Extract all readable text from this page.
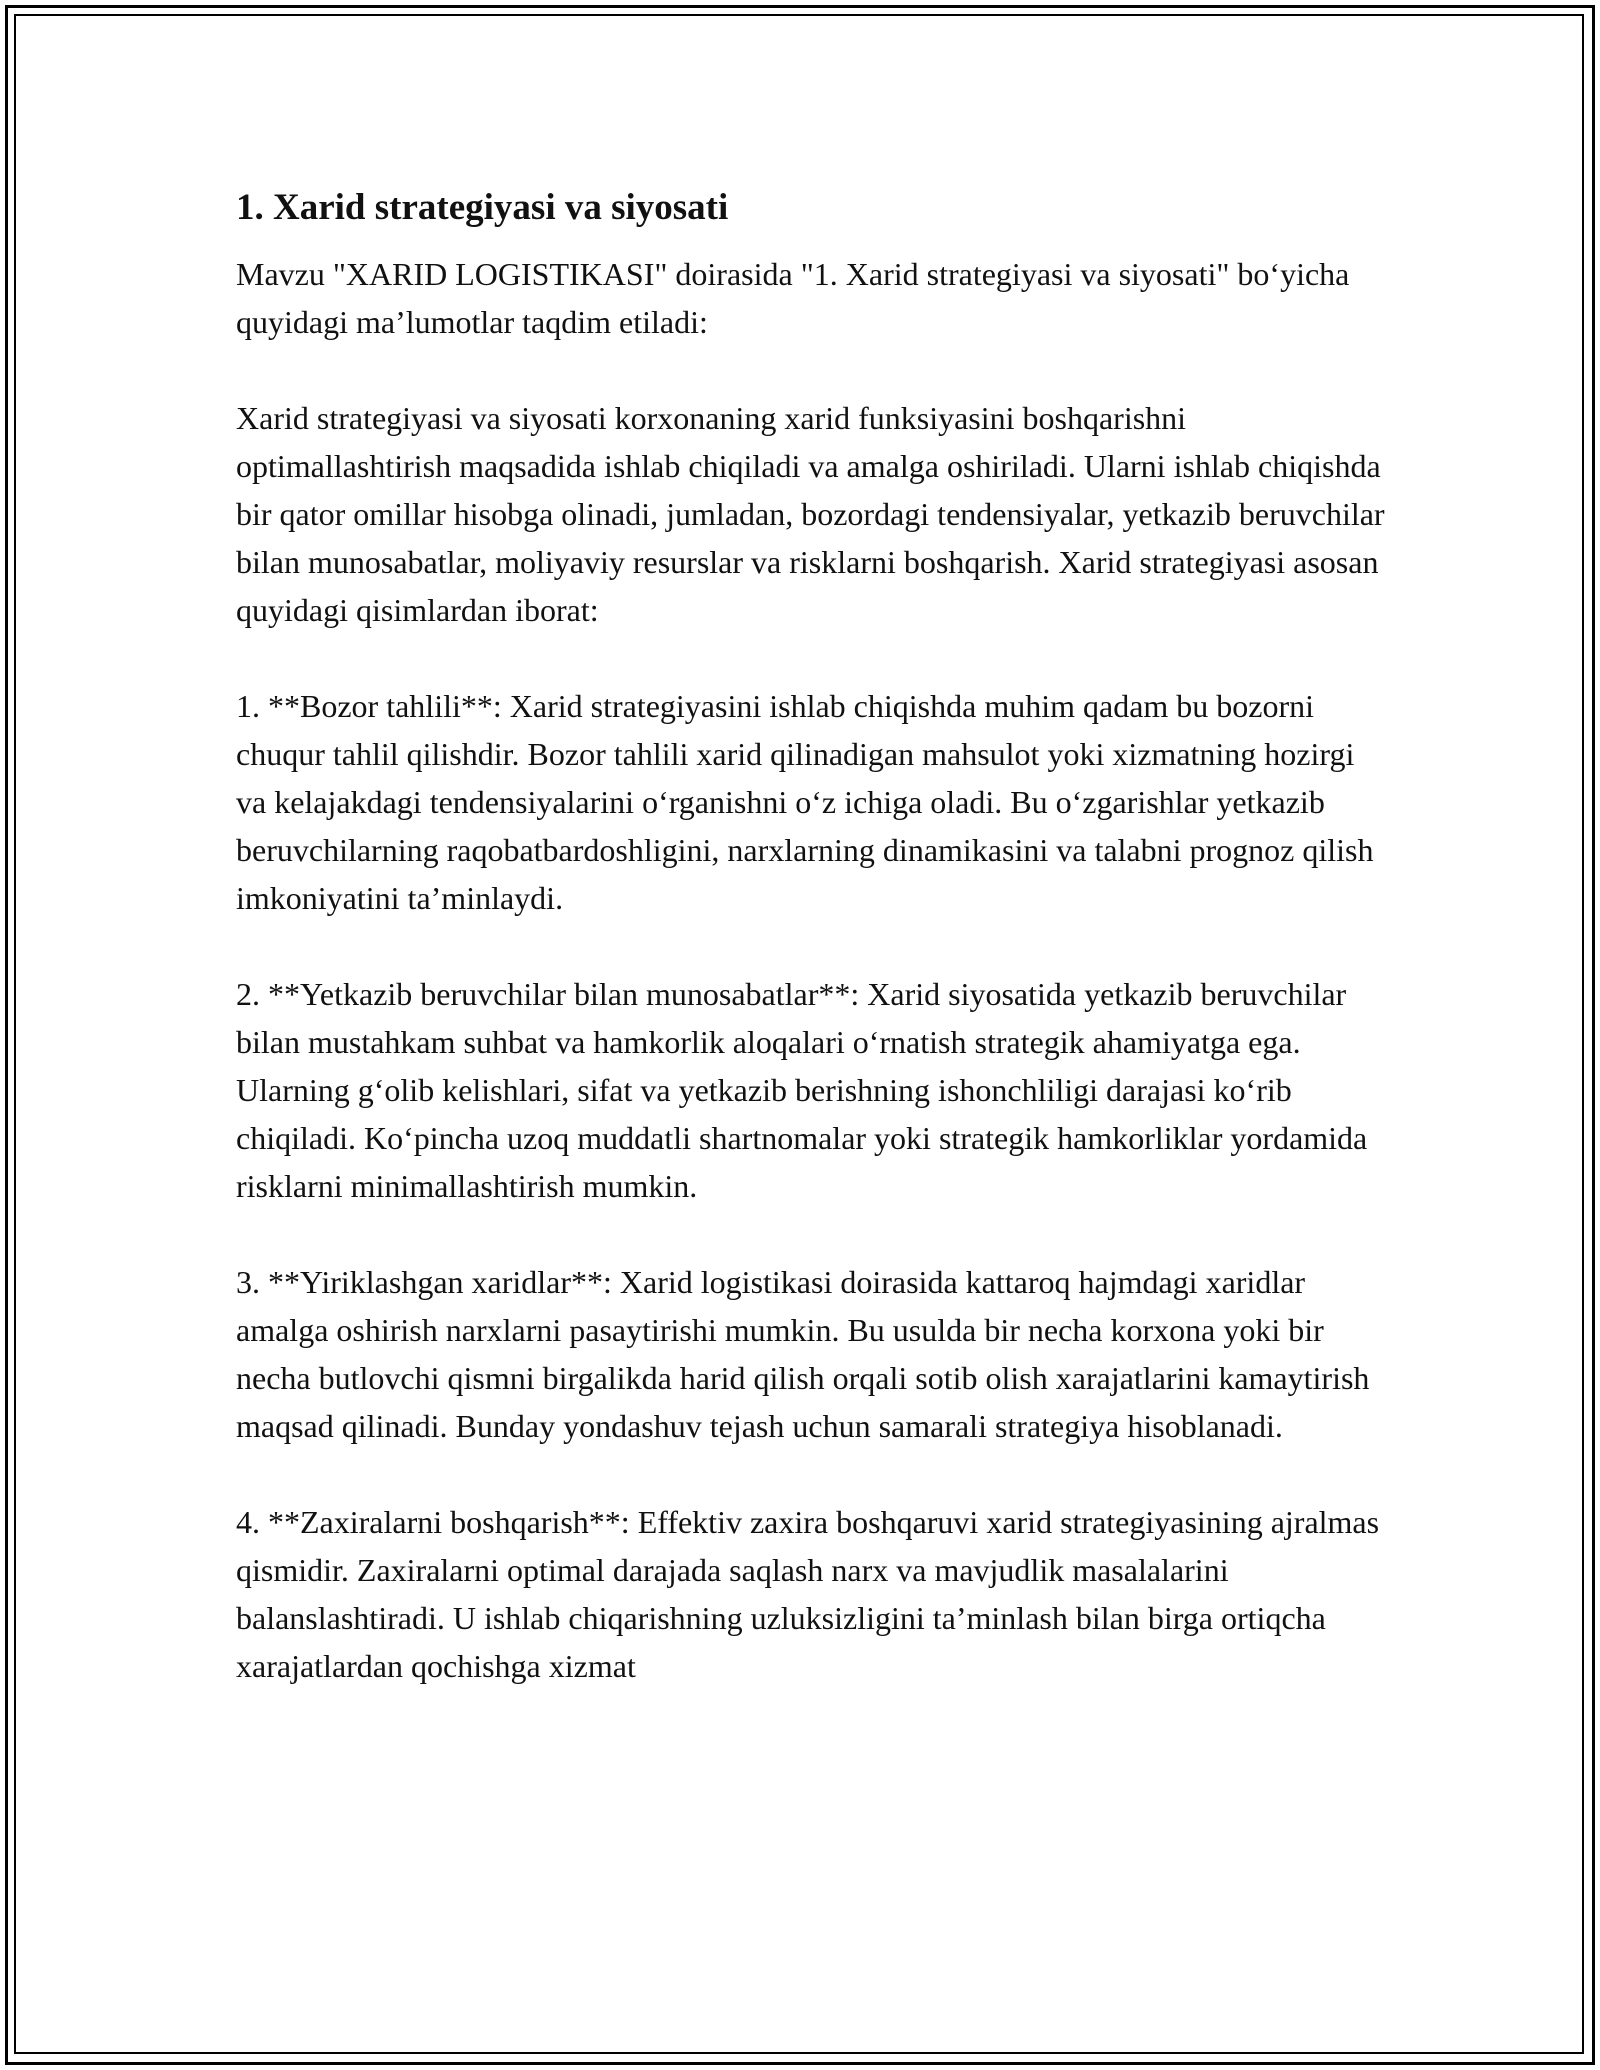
1. Xarid strategiyasi va siyosati

Mavzu "XARID LOGISTIKASI" doirasida "1. Xarid strategiyasi va siyosati" bo‘yicha quyidagi ma’lumotlar taqdim etiladi:

Xarid strategiyasi va siyosati korxonaning xarid funksiyasini boshqarishni optimallashtirish maqsadida ishlab chiqiladi va amalga oshiriladi. Ularni ishlab chiqishda bir qator omillar hisobga olinadi, jumladan, bozordagi tendensiyalar, yetkazib beruvchilar bilan munosabatlar, moliyaviy resurslar va risklarni boshqarish. Xarid strategiyasi asosan quyidagi qisimlardan iborat:

1. **Bozor tahlili**: Xarid strategiyasini ishlab chiqishda muhim qadam bu bozorni chuqur tahlil qilishdir. Bozor tahlili xarid qilinadigan mahsulot yoki xizmatning hozirgi va kelajakdagi tendensiyalarini o‘rganishni o‘z ichiga oladi. Bu o‘zgarishlar yetkazib beruvchilarning raqobatbardoshligini, narxlarning dinamikasini va talabni prognoz qilish imkoniyatini ta’minlaydi.

2. **Yetkazib beruvchilar bilan munosabatlar**: Xarid siyosatida yetkazib beruvchilar bilan mustahkam suhbat va hamkorlik aloqalari o‘rnatish strategik ahamiyatga ega. Ularning g‘olib kelishlari, sifat va yetkazib berishning ishonchliligi darajasi ko‘rib chiqiladi. Ko‘pincha uzoq muddatli shartnomalar yoki strategik hamkorliklar yordamida risklarni minimallashtirish mumkin.

3. **Yiriklashgan xaridlar**: Xarid logistikasi doirasida kattaroq hajmdagi xaridlar amalga oshirish narxlarni pasaytirishi mumkin. Bu usulda bir necha korxona yoki bir necha butlovchi qismni birgalikda harid qilish orqali sotib olish xarajatlarini kamaytirish maqsad qilinadi. Bunday yondashuv tejash uchun samarali strategiya hisoblanadi.

4. **Zaxiralarni boshqarish**: Effektiv zaxira boshqaruvi xarid strategiyasining ajralmas qismidir. Zaxiralarni optimal darajada saqlash narx va mavjudlik masalalarini balanslashtiradi. U ishlab chiqarishning uzluksizligini ta’minlash bilan birga ortiqcha xarajatlardan qochishga xizmat
